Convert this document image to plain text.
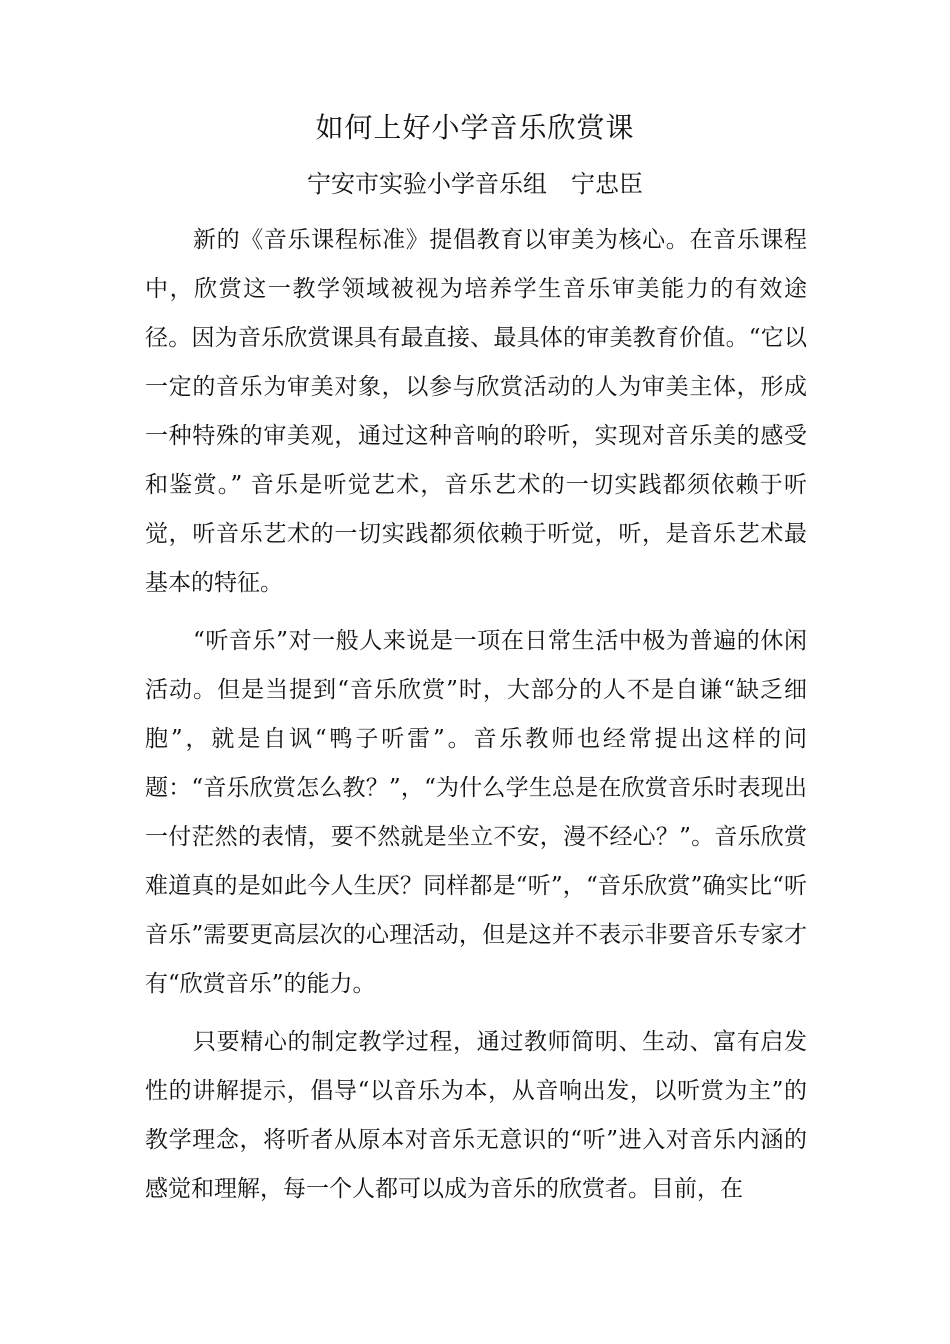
如何上好小学音乐欣赏课

宁安市实验小学音乐组　宁忠臣

新的《音乐课程标准》提倡教育以审美为核心。在音乐课程中，欣赏这一教学领域被视为培养学生音乐审美能力的有效途径。因为音乐欣赏课具有最直接、最具体的审美教育价值。“它以一定的音乐为审美对象，以参与欣赏活动的人为审美主体，形成一种特殊的审美观，通过这种音响的聆听，实现对音乐美的感受和鉴赏。” 音乐是听觉艺术，音乐艺术的一切实践都须依赖于听觉，听音乐艺术的一切实践都须依赖于听觉，听，是音乐艺术最基本的特征。

“听音乐”对一般人来说是一项在日常生活中极为普遍的休闲活动。但是当提到“音乐欣赏”时，大部分的人不是自谦“缺乏细胞”，就是自讽“鸭子听雷”。音乐教师也经常提出这样的问题：“音乐欣赏怎么教？”，“为什么学生总是在欣赏音乐时表现出一付茫然的表情，要不然就是坐立不安，漫不经心？”。音乐欣赏难道真的是如此今人生厌？同样都是“听”，“音乐欣赏”确实比“听音乐”需要更高层次的心理活动，但是这并不表示非要音乐专家才有“欣赏音乐”的能力。

只要精心的制定教学过程，通过教师简明、生动、富有启发性的讲解提示，倡导“以音乐为本，从音响出发，以听赏为主”的教学理念，将听者从原本对音乐无意识的“听”进入对音乐内涵的感觉和理解，每一个人都可以成为音乐的欣赏者。目前，在
